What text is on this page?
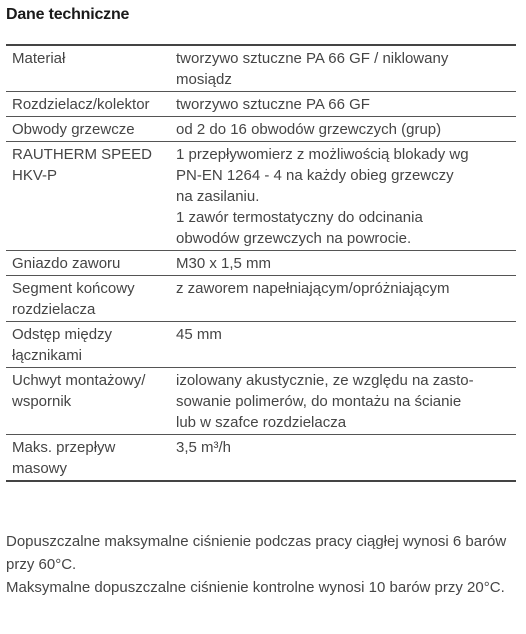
Dane techniczne
Materiał	tworzywo sztuczne PA 66 GF / niklowany
mosiądz

Rozdzielacz/kolektor	tworzywo sztuczne PA 66 GF

Obwody grzewcze	od 2 do 16 obwodów grzewczych (grup)

RAUTHERM SPEED
HKV-P	1 przepływomierz z możliwością blokady wg
PN-EN 1264 - 4 na każdy obieg grzewczy
na zasilaniu.
1 zawór termostatyczny do odcinania
obwodów grzewczych na powrocie.

Gniazdo zaworu	M30 x 1,5 mm

Segment końcowy
rozdzielacza	z zaworem napełniającym/opróżniającym

Odstęp między
łącznikami	45 mm

Uchwyt montażowy/
wspornik	izolowany akustycznie, ze względu na zasto-
sowanie polimerów, do montażu na ścianie
lub w szafce rozdzielacza

Maks. przepływ
masowy	3,5 m³/h

Dopuszczalne maksymalne ciśnienie podczas pracy ciągłej wynosi 6 barów przy 60°C.

Maksymalne dopuszczalne ciśnienie kontrolne wynosi 10 barów przy 20°C.
